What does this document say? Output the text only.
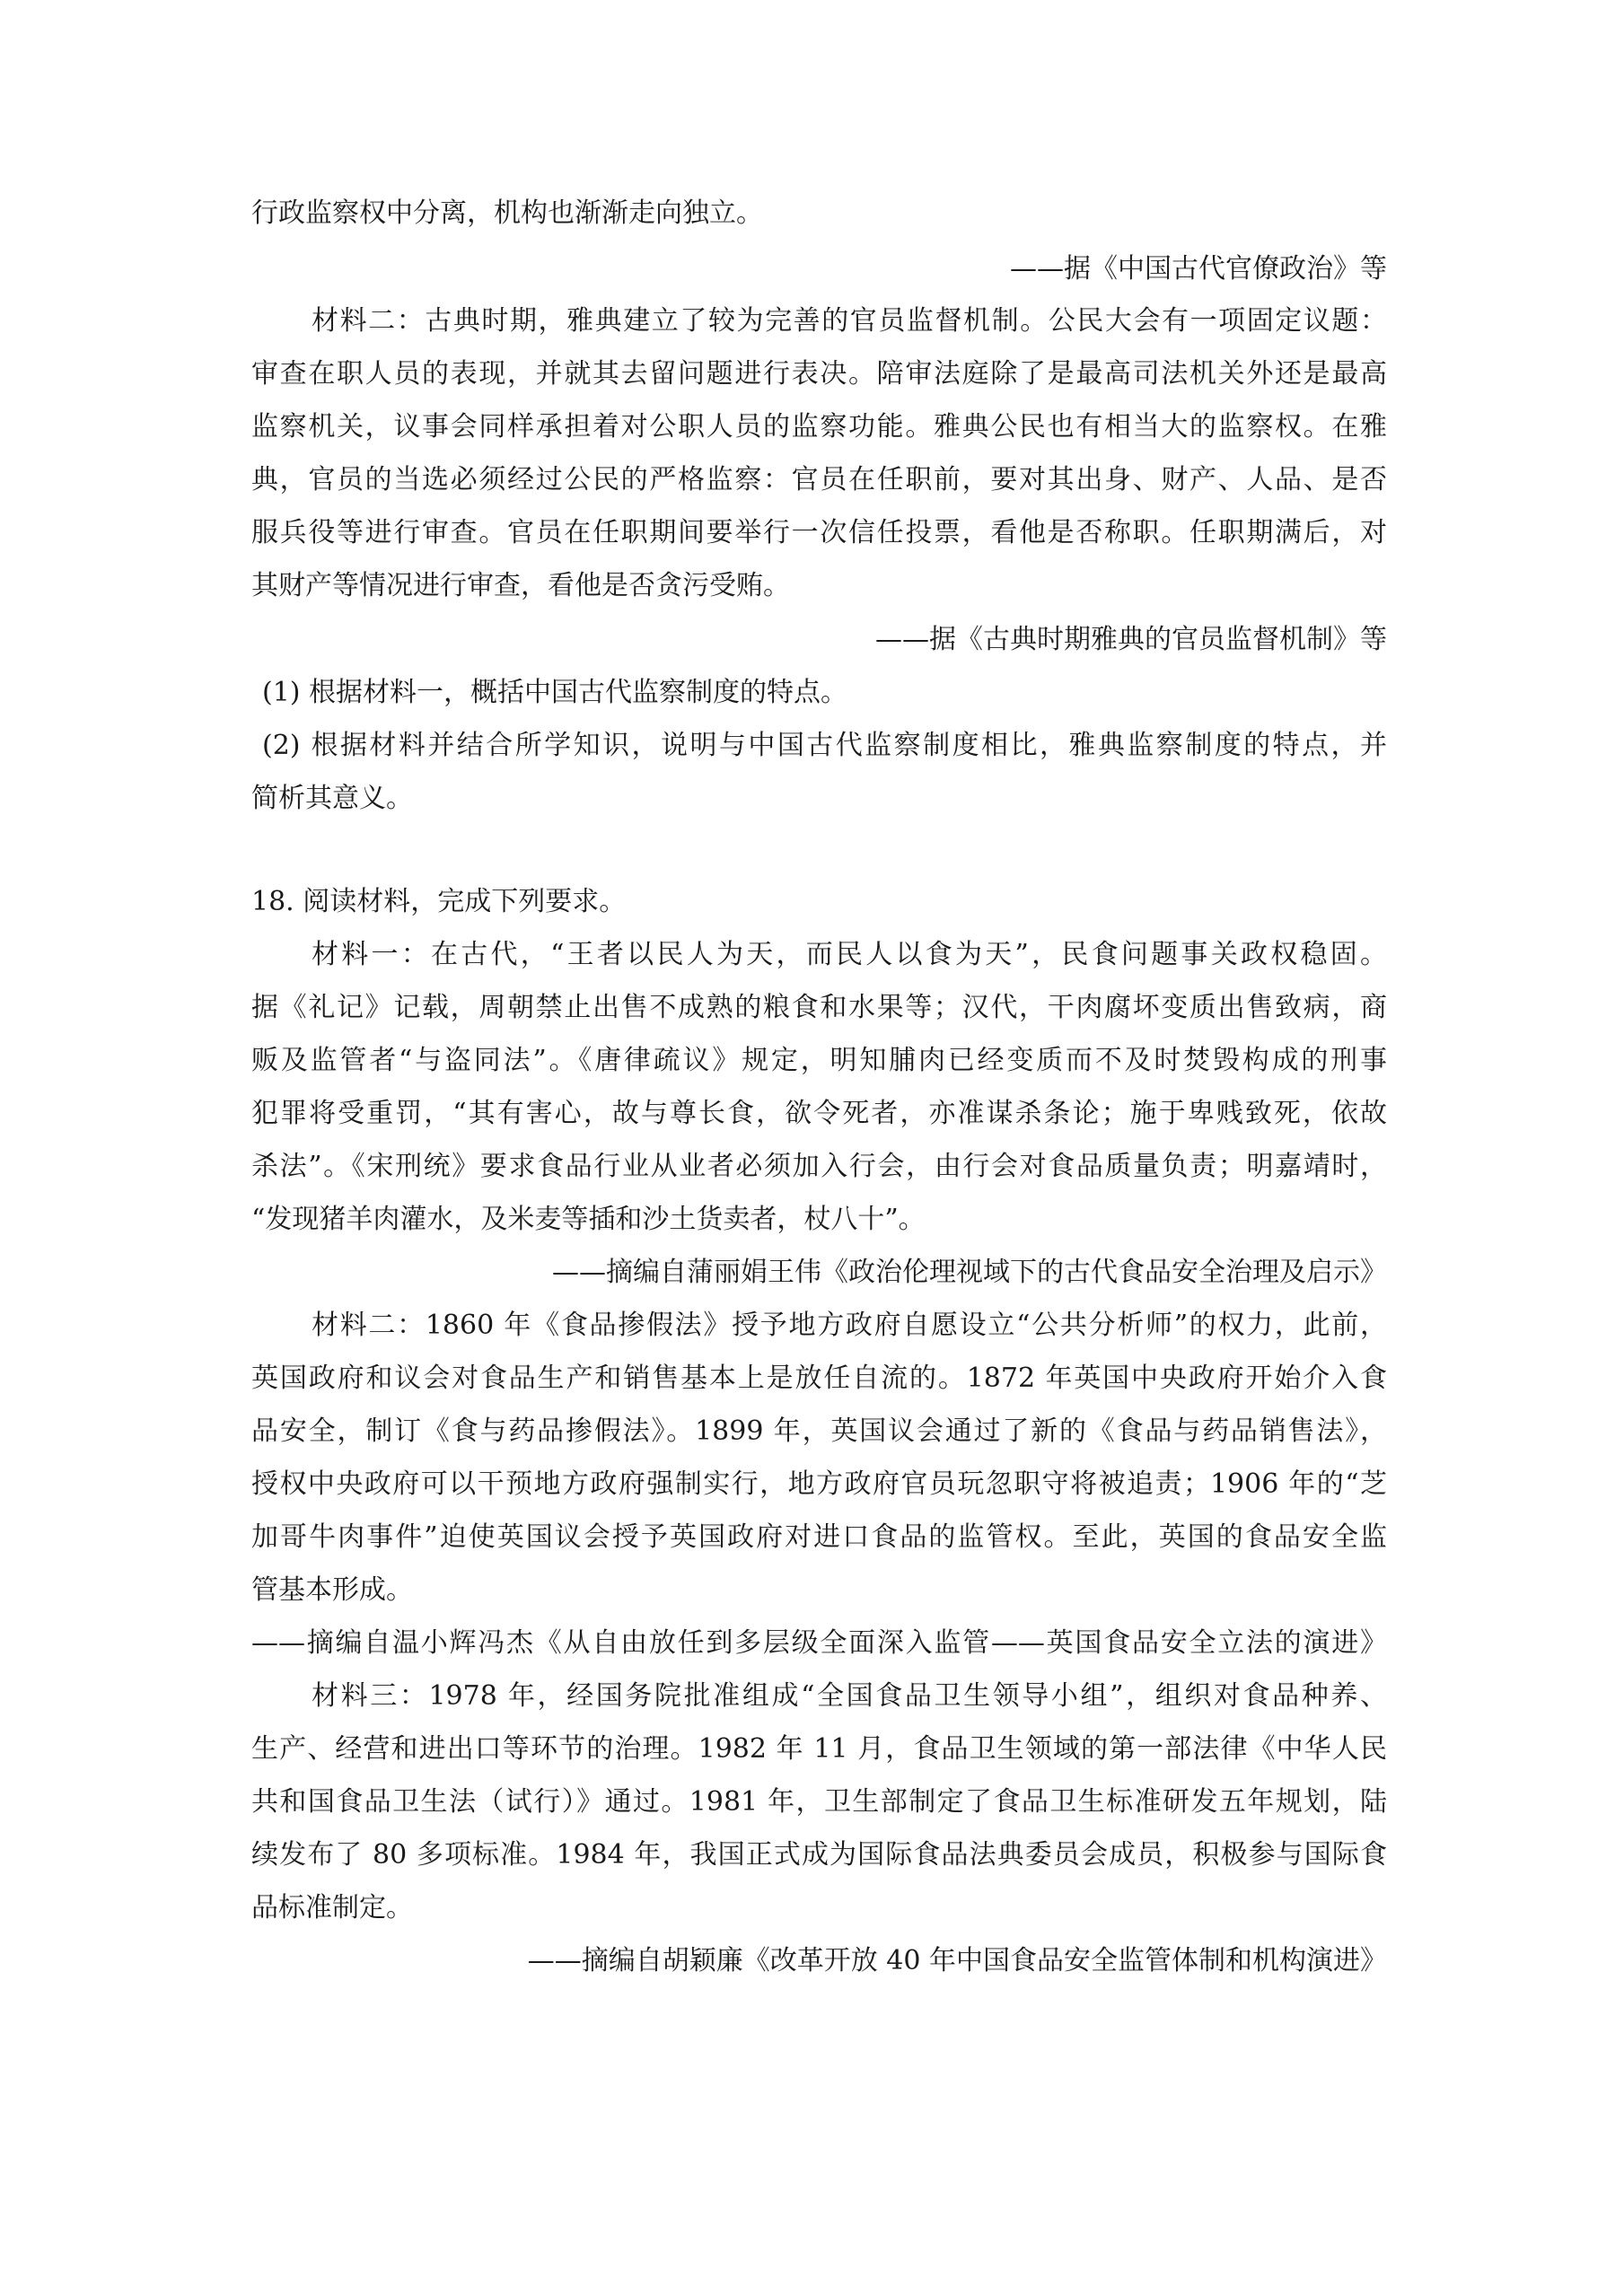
行政监察权中分离，机构也渐渐走向独立。
——据《中国古代官僚政治》等
材料二：古典时期，雅典建立了较为完善的官员监督机制。公民大会有一项固定议题：
审查在职人员的表现，并就其去留问题进行表决。陪审法庭除了是最高司法机关外还是最高
监察机关，议事会同样承担着对公职人员的监察功能。雅典公民也有相当大的监察权。在雅
典，官员的当选必须经过公民的严格监察：官员在任职前，要对其出身、财产、人品、是否
服兵役等进行审查。官员在任职期间要举行一次信任投票，看他是否称职。任职期满后，对
其财产等情况进行审查，看他是否贪污受贿。
——据《古典时期雅典的官员监督机制》等
(1) 根据材料一，概括中国古代监察制度的特点。
(2) 根据材料并结合所学知识，说明与中国古代监察制度相比，雅典监察制度的特点，并
简析其意义。
18. 阅读材料，完成下列要求。
材料一：在古代，“王者以民人为天，而民人以食为天”，民食问题事关政权稳固。
据《礼记》记载，周朝禁止出售不成熟的粮食和水果等；汉代，干肉腐坏变质出售致病，商
贩及监管者“与盗同法”。《唐律疏议》规定，明知脯肉已经变质而不及时焚毁构成的刑事
犯罪将受重罚，“其有害心，故与尊长食，欲令死者，亦准谋杀条论；施于卑贱致死，依故
杀法”。《宋刑统》要求食品行业从业者必须加入行会，由行会对食品质量负责；明嘉靖时，
“发现猪羊肉灌水，及米麦等插和沙土货卖者，杖八十”。
——摘编自蒲丽娟王伟《政治伦理视域下的古代食品安全治理及启示》
材料二：1860 年《食品掺假法》授予地方政府自愿设立“公共分析师”的权力，此前，
英国政府和议会对食品生产和销售基本上是放任自流的。1872 年英国中央政府开始介入食
品安全，制订《食与药品掺假法》。1899 年，英国议会通过了新的《食品与药品销售法》，
授权中央政府可以干预地方政府强制实行，地方政府官员玩忽职守将被追责；1906 年的“芝
加哥牛肉事件”迫使英国议会授予英国政府对进口食品的监管权。至此，英国的食品安全监
管基本形成。
——摘编自温小辉冯杰《从自由放任到多层级全面深入监管——英国食品安全立法的演进》
材料三：1978 年，经国务院批准组成“全国食品卫生领导小组”，组织对食品种养、
生产、经营和进出口等环节的治理。1982 年 11 月，食品卫生领域的第一部法律《中华人民
共和国食品卫生法（试行）》通过。1981 年，卫生部制定了食品卫生标准研发五年规划，陆
续发布了 80 多项标准。1984 年，我国正式成为国际食品法典委员会成员，积极参与国际食
品标准制定。
——摘编自胡颖廉《改革开放 40 年中国食品安全监管体制和机构演进》
